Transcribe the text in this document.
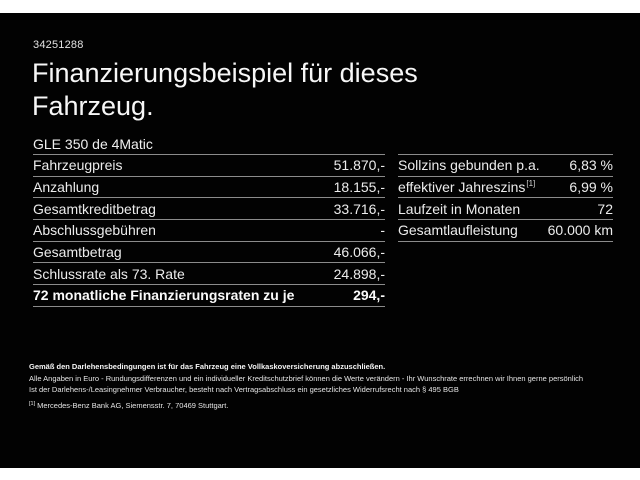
34251288
Finanzierungsbeispiel für dieses
Fahrzeug.
GLE 350 de 4Matic
Fahrzeugpreis	51.870,-
Anzahlung	18.155,-
Gesamtkreditbetrag	33.716,-
Abschlussgebühren	-
Gesamtbetrag	46.066,-
Schlussrate als 73. Rate	24.898,-
72 monatliche Finanzierungsraten zu je	294,-
Sollzins gebunden p.a. 6,83 %
effektiver Jahreszins[1] 6,99 %
Laufzeit in Monaten	72
Gesamtlaufleistung 60.000 km
Gemäß den Darlehensbedingungen ist für das Fahrzeug eine Vollkaskoversicherung abzuschließen.
Alle Angaben in Euro - Rundungsdifferenzen und ein individueller Kreditschutzbrief können die Werte verändern - Ihr Wunschrate errechnen wir Ihnen gerne persönlich
Ist der Darlehens-/Leasingnehmer Verbraucher, besteht nach Vertragsabschluss ein gesetzliches Widerrufsrecht nach § 495 BGB
[1] Mercedes-Benz Bank AG, Siemensstr. 7, 70469 Stuttgart.
